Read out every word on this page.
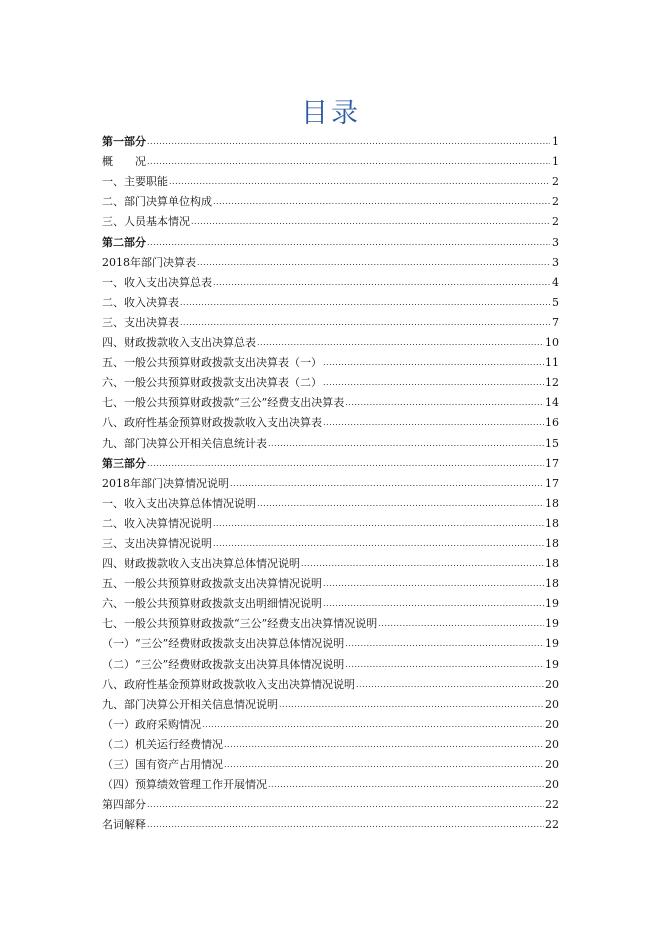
目录
第一部分 .....	1
概　　况 .....	1
一、主要职能 .....	2
二、部门决算单位构成 .....	2
三、人员基本情况 .....	2
第二部分 .....	3
2018年部门决算表 .....	3
一、收入支出决算总表 .....	4
二、收入决算表 .....	5
三、支出决算表 .....	7
四、财政拨款收入支出决算总表 .....	10
五、一般公共预算财政拨款支出决算表（一） .....	11
六、一般公共预算财政拨款支出决算表（二） .....	12
七、一般公共预算财政拨款“三公”经费支出决算表 .....	14
八、政府性基金预算财政拨款收入支出决算表 .....	16
九、部门决算公开相关信息统计表 .....	15
第三部分 .....	17
2018年部门决算情况说明 .....	17
一、收入支出决算总体情况说明 .....	18
二、收入决算情况说明 .....	18
三、支出决算情况说明 .....	18
四、财政拨款收入支出决算总体情况说明 .....	18
五、一般公共预算财政拨款支出决算情况说明 .....	18
六、一般公共预算财政拨款支出明细情况说明 .....	19
七、一般公共预算财政拨款“三公”经费支出决算情况说明 .....	19
（一）“三公”经费财政拨款支出决算总体情况说明 .....	19
（二）“三公”经费财政拨款支出决算具体情况说明 .....	19
八、政府性基金预算财政拨款收入支出决算情况说明 .....	20
九、部门决算公开相关信息情况说明 .....	20
（一）政府采购情况 .....	20
（二）机关运行经费情况 .....	20
（三）国有资产占用情况 .....	20
（四）预算绩效管理工作开展情况 .....	20
第四部分 .....	22
名词解释 .....	22
